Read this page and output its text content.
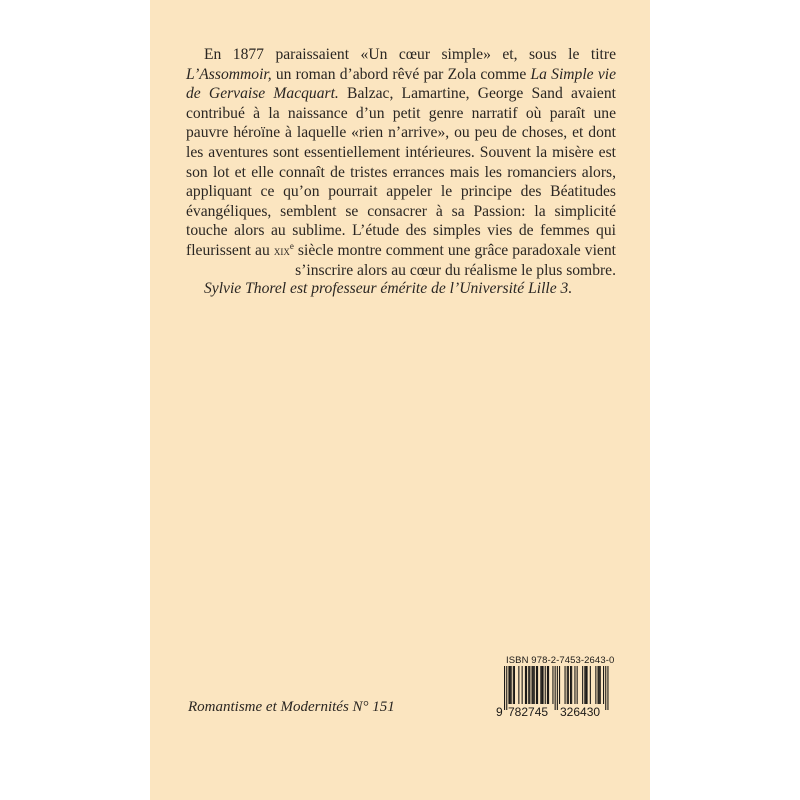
En 1877 paraissaient «Un cœur simple» et, sous le titre L’Assommoir, un roman d’abord rêvé par Zola comme La Simple vie de Gervaise Macquart. Balzac, Lamartine, George Sand avaient contribué à la naissance d’un petit genre narratif où paraît une pauvre héroïne à laquelle «rien n’arrive», ou peu de choses, et dont les aventures sont essentiellement intérieures. Souvent la misère est son lot et elle connaît de tristes errances mais les romanciers alors, appliquant ce qu’on pourrait appeler le principe des Béatitudes évangéliques, semblent se consacrer à sa Passion: la simplicité touche alors au sublime. L’étude des simples vies de femmes qui fleurissent au xix$^e$ siècle montre comment une grâce paradoxale vient s’inscrire alors au cœur du réalisme le plus sombre.
Sylvie Thorel est professeur émérite de l’Université Lille 3.
Romantisme et Modernités N° 151
ISBN 978-2-7453-2643-0
9 782745 326430
